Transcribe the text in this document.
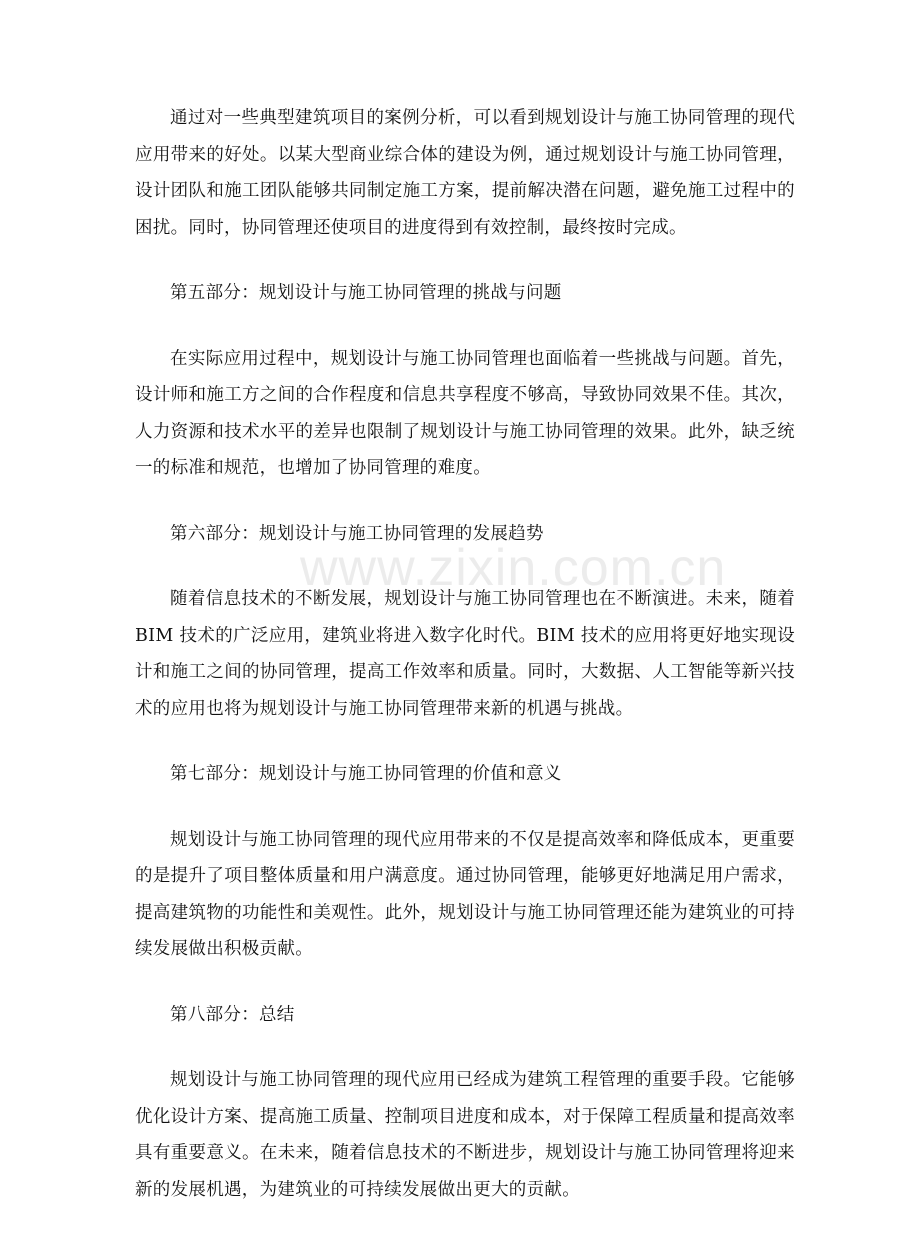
通过对一些典型建筑项目的案例分析，可以看到规划设计与施工协同管理的现代应用带来的好处。以某大型商业综合体的建设为例，通过规划设计与施工协同管理，设计团队和施工团队能够共同制定施工方案，提前解决潜在问题，避免施工过程中的困扰。同时，协同管理还使项目的进度得到有效控制，最终按时完成。

第五部分：规划设计与施工协同管理的挑战与问题

在实际应用过程中，规划设计与施工协同管理也面临着一些挑战与问题。首先，设计师和施工方之间的合作程度和信息共享程度不够高，导致协同效果不佳。其次，人力资源和技术水平的差异也限制了规划设计与施工协同管理的效果。此外，缺乏统一的标准和规范，也增加了协同管理的难度。

第六部分：规划设计与施工协同管理的发展趋势

随着信息技术的不断发展，规划设计与施工协同管理也在不断演进。未来，随着 BIM 技术的广泛应用，建筑业将进入数字化时代。BIM 技术的应用将更好地实现设计和施工之间的协同管理，提高工作效率和质量。同时，大数据、人工智能等新兴技术的应用也将为规划设计与施工协同管理带来新的机遇与挑战。

第七部分：规划设计与施工协同管理的价值和意义

规划设计与施工协同管理的现代应用带来的不仅是提高效率和降低成本，更重要的是提升了项目整体质量和用户满意度。通过协同管理，能够更好地满足用户需求，提高建筑物的功能性和美观性。此外，规划设计与施工协同管理还能为建筑业的可持续发展做出积极贡献。

第八部分：总结

规划设计与施工协同管理的现代应用已经成为建筑工程管理的重要手段。它能够优化设计方案、提高施工质量、控制项目进度和成本，对于保障工程质量和提高效率具有重要意义。在未来，随着信息技术的不断进步，规划设计与施工协同管理将迎来新的发展机遇，为建筑业的可持续发展做出更大的贡献。

www.zixin.com.cn
